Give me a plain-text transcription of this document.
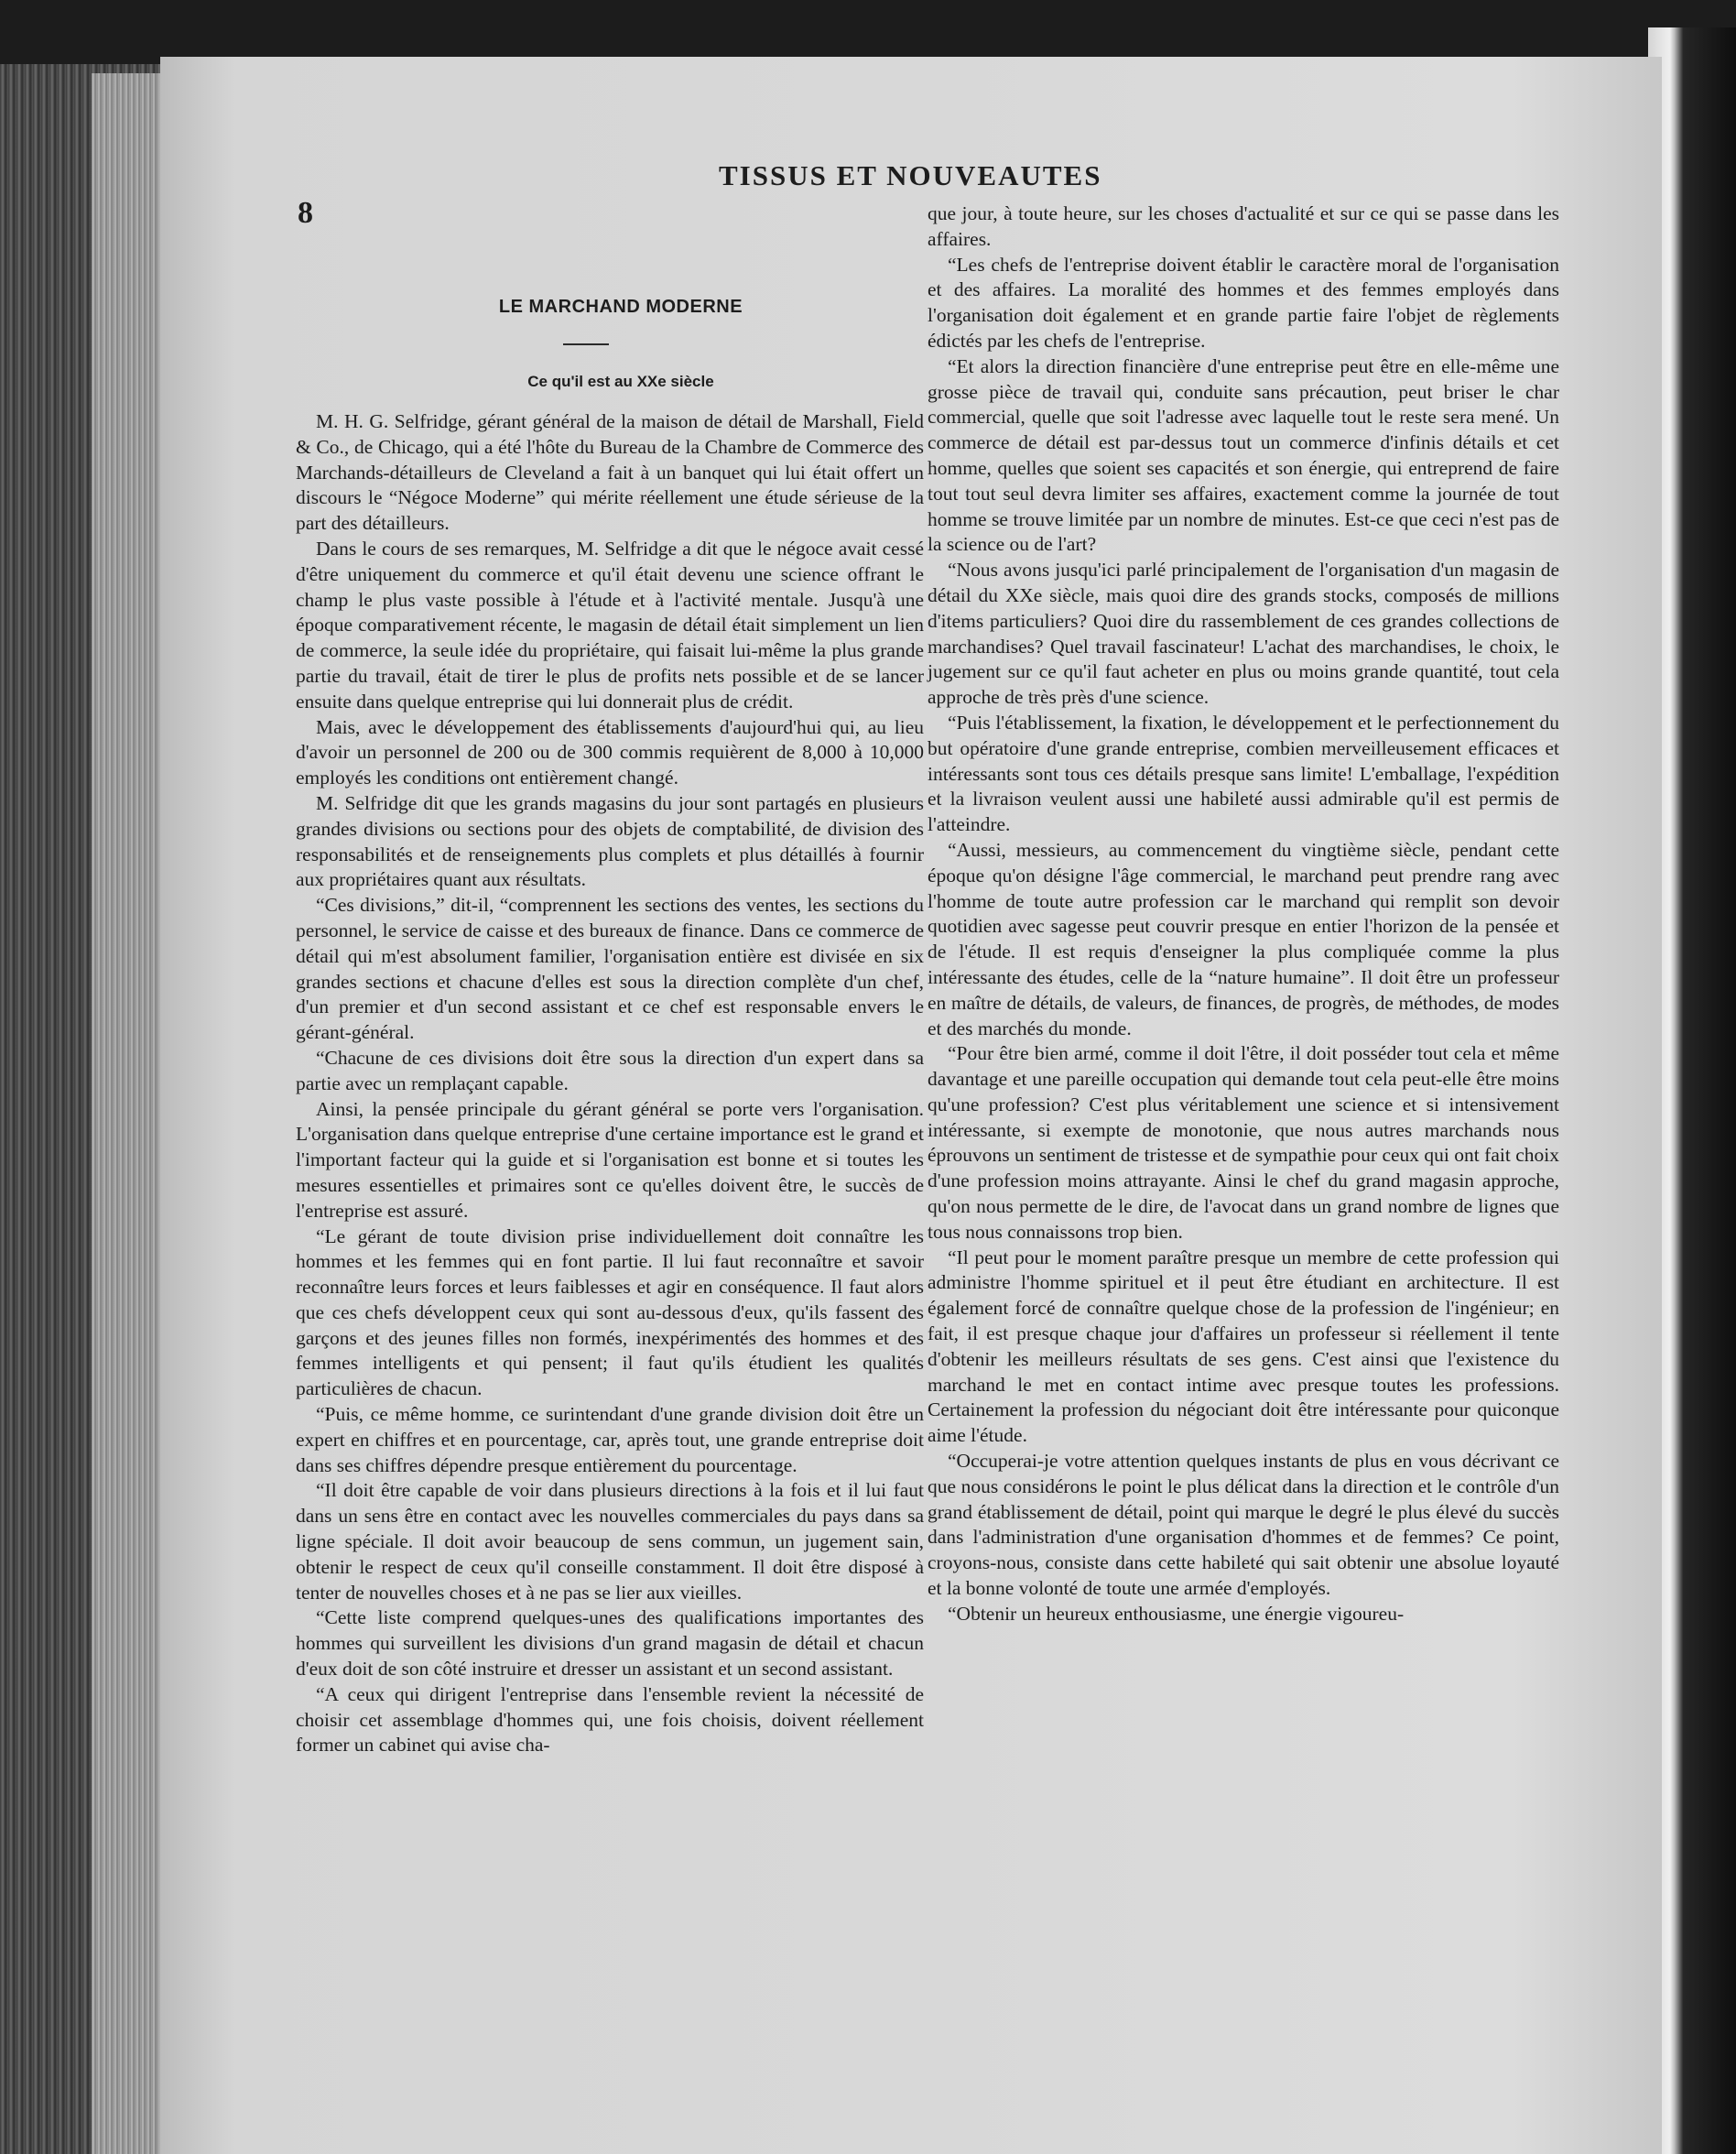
8
TISSUS ET NOUVEAUTES
LE MARCHAND MODERNE
Ce qu'il est au XXe siècle

M. H. G. Selfridge, gérant général de la maison de détail de Marshall, Field & Co., de Chicago, qui a été l'hôte du Bureau de la Chambre de Commerce des Marchands-détailleurs de Cleveland a fait à un banquet qui lui était offert un discours le “Négoce Moderne” qui mérite réellement une étude sérieuse de la part des détailleurs.

Dans le cours de ses remarques, M. Selfridge a dit que le négoce avait cessé d'être uniquement du commerce et qu'il était devenu une science offrant le champ le plus vaste possible à l'étude et à l'activité mentale. Jusqu'à une époque comparativement récente, le magasin de détail était simplement un lien de commerce, la seule idée du propriétaire, qui faisait lui-même la plus grande partie du travail, était de tirer le plus de profits nets possible et de se lancer ensuite dans quelque entreprise qui lui donnerait plus de crédit.

Mais, avec le développement des établissements d'aujourd'hui qui, au lieu d'avoir un personnel de 200 ou de 300 commis requièrent de 8,000 à 10,000 employés les conditions ont entièrement changé.

M. Selfridge dit que les grands magasins du jour sont partagés en plusieurs grandes divisions ou sections pour des objets de comptabilité, de division des responsabilités et de renseignements plus complets et plus détaillés à fournir aux propriétaires quant aux résultats.

“Ces divisions,” dit-il, “comprennent les sections des ventes, les sections du personnel, le service de caisse et des bureaux de finance. Dans ce commerce de détail qui m'est absolument familier, l'organisation entière est divisée en six grandes sections et chacune d'elles est sous la direction complète d'un chef, d'un premier et d'un second assistant et ce chef est responsable envers le gérant-général.

“Chacune de ces divisions doit être sous la direction d'un expert dans sa partie avec un remplaçant capable.

Ainsi, la pensée principale du gérant général se porte vers l'organisation. L'organisation dans quelque entreprise d'une certaine importance est le grand et l'important facteur qui la guide et si l'organisation est bonne et si toutes les mesures essentielles et primaires sont ce qu'elles doivent être, le succès de l'entreprise est assuré.

“Le gérant de toute division prise individuellement doit connaître les hommes et les femmes qui en font partie. Il lui faut reconnaître et savoir reconnaître leurs forces et leurs faiblesses et agir en conséquence. Il faut alors que ces chefs développent ceux qui sont au-dessous d'eux, qu'ils fassent des garçons et des jeunes filles non formés, inexpérimentés des hommes et des femmes intelligents et qui pensent; il faut qu'ils étudient les qualités particulières de chacun.

“Puis, ce même homme, ce surintendant d'une grande division doit être un expert en chiffres et en pourcentage, car, après tout, une grande entreprise doit dans ses chiffres dépendre presque entièrement du pourcentage.

“Il doit être capable de voir dans plusieurs directions à la fois et il lui faut dans un sens être en contact avec les nouvelles commerciales du pays dans sa ligne spéciale. Il doit avoir beaucoup de sens commun, un jugement sain, obtenir le respect de ceux qu'il conseille constamment. Il doit être disposé à tenter de nouvelles choses et à ne pas se lier aux vieilles.

“Cette liste comprend quelques-unes des qualifications importantes des hommes qui surveillent les divisions d'un grand magasin de détail et chacun d'eux doit de son côté instruire et dresser un assistant et un second assistant.

“A ceux qui dirigent l'entreprise dans l'ensemble revient la nécessité de choisir cet assemblage d'hommes qui, une fois choisis, doivent réellement former un cabinet qui avise cha-

que jour, à toute heure, sur les choses d'actualité et sur ce qui se passe dans les affaires.

“Les chefs de l'entreprise doivent établir le caractère moral de l'organisation et des affaires. La moralité des hommes et des femmes employés dans l'organisation doit également et en grande partie faire l'objet de règlements édictés par les chefs de l'entreprise.

“Et alors la direction financière d'une entreprise peut être en elle-même une grosse pièce de travail qui, conduite sans précaution, peut briser le char commercial, quelle que soit l'adresse avec laquelle tout le reste sera mené. Un commerce de détail est par-dessus tout un commerce d'infinis détails et cet homme, quelles que soient ses capacités et son énergie, qui entreprend de faire tout tout seul devra limiter ses affaires, exactement comme la journée de tout homme se trouve limitée par un nombre de minutes. Est-ce que ceci n'est pas de la science ou de l'art?

“Nous avons jusqu'ici parlé principalement de l'organisation d'un magasin de détail du XXe siècle, mais quoi dire des grands stocks, composés de millions d'items particuliers? Quoi dire du rassemblement de ces grandes collections de marchandises? Quel travail fascinateur! L'achat des marchandises, le choix, le jugement sur ce qu'il faut acheter en plus ou moins grande quantité, tout cela approche de très près d'une science.

“Puis l'établissement, la fixation, le développement et le perfectionnement du but opératoire d'une grande entreprise, combien merveilleusement efficaces et intéressants sont tous ces détails presque sans limite! L'emballage, l'expédition et la livraison veulent aussi une habileté aussi admirable qu'il est permis de l'atteindre.

“Aussi, messieurs, au commencement du vingtième siècle, pendant cette époque qu'on désigne l'âge commercial, le marchand peut prendre rang avec l'homme de toute autre profession car le marchand qui remplit son devoir quotidien avec sagesse peut couvrir presque en entier l'horizon de la pensée et de l'étude. Il est requis d'enseigner la plus compliquée comme la plus intéressante des études, celle de la “nature humaine”. Il doit être un professeur en maître de détails, de valeurs, de finances, de progrès, de méthodes, de modes et des marchés du monde.

“Pour être bien armé, comme il doit l'être, il doit posséder tout cela et même davantage et une pareille occupation qui demande tout cela peut-elle être moins qu'une profession? C'est plus véritablement une science et si intensivement intéressante, si exempte de monotonie, que nous autres marchands nous éprouvons un sentiment de tristesse et de sympathie pour ceux qui ont fait choix d'une profession moins attrayante. Ainsi le chef du grand magasin approche, qu'on nous permette de le dire, de l'avocat dans un grand nombre de lignes que tous nous connaissons trop bien.

“Il peut pour le moment paraître presque un membre de cette profession qui administre l'homme spirituel et il peut être étudiant en architecture. Il est également forcé de connaître quelque chose de la profession de l'ingénieur; en fait, il est presque chaque jour d'affaires un professeur si réellement il tente d'obtenir les meilleurs résultats de ses gens. C'est ainsi que l'existence du marchand le met en contact intime avec presque toutes les professions. Certainement la profession du négociant doit être intéressante pour quiconque aime l'étude.

“Occuperai-je votre attention quelques instants de plus en vous décrivant ce que nous considérons le point le plus délicat dans la direction et le contrôle d'un grand établissement de détail, point qui marque le degré le plus élevé du succès dans l'administration d'une organisation d'hommes et de femmes? Ce point, croyons-nous, consiste dans cette habileté qui sait obtenir une absolue loyauté et la bonne volonté de toute une armée d'employés.

“Obtenir un heureux enthousiasme, une énergie vigoureu-
